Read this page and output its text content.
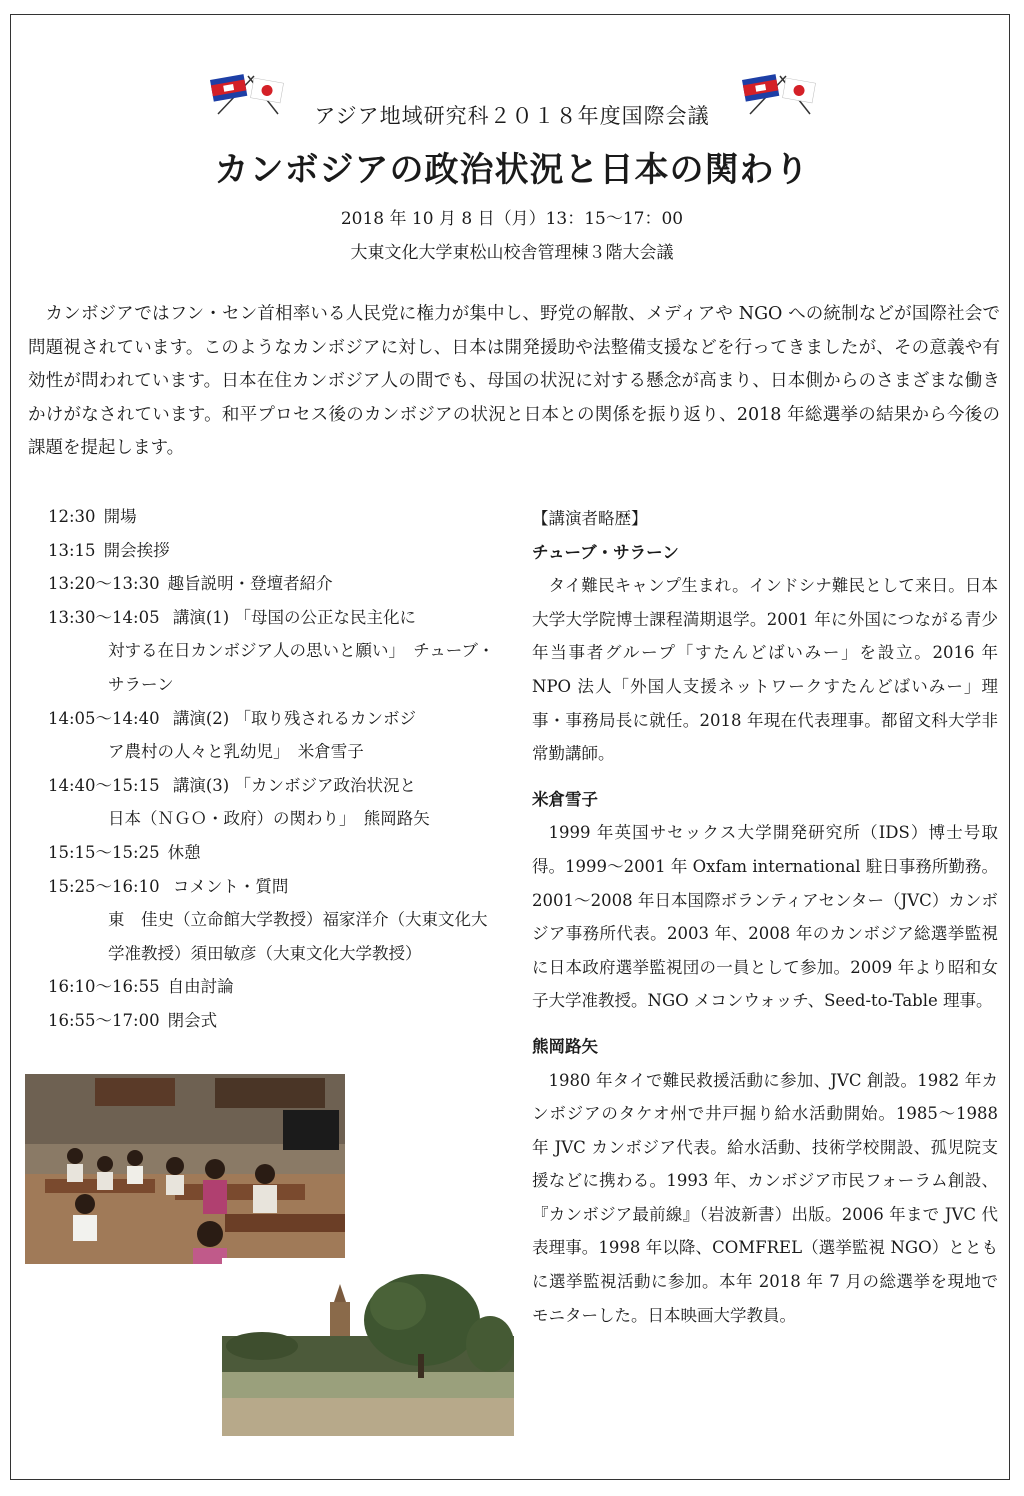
アジア地域研究科２０１８年度国際会議
カンボジアの政治状況と日本の関わり
2018 年 10 月 8 日（月）13：15〜17：00
大東文化大学東松山校舎管理棟３階大会議

カンボジアではフン・セン首相率いる人民党に権力が集中し、野党の解散、メディアや NGO への統制などが国際社会で問題視されています。このようなカンボジアに対し、日本は開発援助や法整備支援などを行ってきましたが、その意義や有効性が問われています。日本在住カンボジア人の間でも、母国の状況に対する懸念が高まり、日本側からのさまざまな働きかけがなされています。和平プロセス後のカンボジアの状況と日本との関係を振り返り、2018 年総選挙の結果から今後の課題を提起します。

12:30 開場
13:15 開会挨拶
13:20〜13:30 趣旨説明・登壇者紹介
13:30〜14:05 講演(1) 「母国の公正な民主化に
対する在日カンボジア人の思いと願い」　チューブ・サラーン
14:05〜14:40 講演(2) 「取り残されるカンボジ
ア農村の人々と乳幼児」　米倉雪子
14:40〜15:15 講演(3) 「カンボジア政治状況と
日本（ＮＧＯ・政府）の関わり」　熊岡路矢
15:15〜15:25 休憩
15:25〜16:10 コメント・質問
東　佳史（立命館大学教授）福家洋介（大東文化大学准教授）須田敏彦（大東文化大学教授）
16:10〜16:55 自由討論
16:55〜17:00 閉会式

【講演者略歴】

チューブ・サラーン

タイ難民キャンプ生まれ。インドシナ難民として来日。日本大学大学院博士課程満期退学。2001 年に外国につながる青少年当事者グループ「すたんどばいみー」を設立。2016 年 NPO 法人「外国人支援ネットワークすたんどばいみー」理事・事務局長に就任。2018 年現在代表理事。都留文科大学非常勤講師。

米倉雪子

1999 年英国サセックス大学開発研究所（IDS）博士号取得。1999〜2001 年 Oxfam international 駐日事務所勤務。2001〜2008 年日本国際ボランティアセンター（JVC）カンボジア事務所代表。2003 年、2008 年のカンボジア総選挙監視に日本政府選挙監視団の一員として参加。2009 年より昭和女子大学准教授。NGO メコンウォッチ、Seed-to-Table 理事。

熊岡路矢

1980 年タイで難民救援活動に参加、JVC 創設。1982 年カンボジアのタケオ州で井戸掘り給水活動開始。1985〜1988 年 JVC カンボジア代表。給水活動、技術学校開設、孤児院支援などに携わる。1993 年、カンボジア市民フォーラム創設、『カンボジア最前線』（岩波新書）出版。2006 年まで JVC 代表理事。1998 年以降、COMFREL（選挙監視 NGO）とともに選挙監視活動に参加。本年 2018 年 7 月の総選挙を現地でモニターした。日本映画大学教員。
